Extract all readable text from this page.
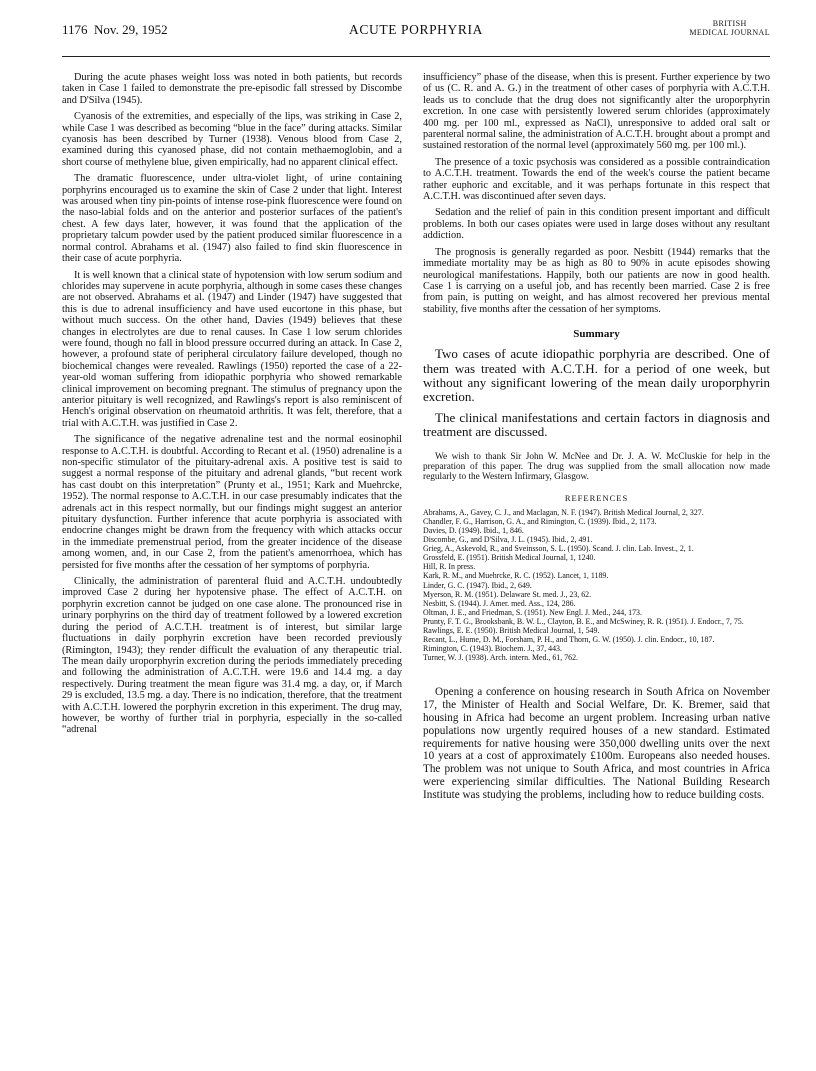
1176 Nov. 29, 1952	ACUTE PORPHYRIA	BRITISH
MEDICAL JOURNAL

During the acute phases weight loss was noted in both patients, but records taken in Case 1 failed to demonstrate the pre-episodic fall stressed by Discombe and D'Silva (1945).

Cyanosis of the extremities, and especially of the lips, was striking in Case 2, while Case 1 was described as becoming “blue in the face” during attacks. Similar cyanosis has been described by Turner (1938). Venous blood from Case 2, examined during this cyanosed phase, did not contain methaemoglobin, and a short course of methylene blue, given empirically, had no apparent clinical effect.

The dramatic fluorescence, under ultra-violet light, of urine containing porphyrins encouraged us to examine the skin of Case 2 under that light. Interest was aroused when tiny pin-points of intense rose-pink fluorescence were found on the naso-labial folds and on the anterior and posterior surfaces of the patient's chest. A few days later, however, it was found that the application of the proprietary talcum powder used by the patient produced similar fluorescence in a normal control. Abrahams et al. (1947) also failed to find skin fluorescence in their case of acute porphyria.

It is well known that a clinical state of hypotension with low serum sodium and chlorides may supervene in acute porphyria, although in some cases these changes are not observed. Abrahams et al. (1947) and Linder (1947) have suggested that this is due to adrenal insufficiency and have used eucortone in this phase, but without much success. On the other hand, Davies (1949) believes that these changes in electrolytes are due to renal causes. In Case 1 low serum chlorides were found, though no fall in blood pressure occurred during an attack. In Case 2, however, a profound state of peripheral circulatory failure developed, though no biochemical changes were revealed. Rawlings (1950) reported the case of a 22-year-old woman suffering from idiopathic porphyria who showed remarkable clinical improvement on becoming pregnant. The stimulus of pregnancy upon the anterior pituitary is well recognized, and Rawlings's report is also reminiscent of Hench's original observation on rheumatoid arthritis. It was felt, therefore, that a trial with A.C.T.H. was justified in Case 2.

The significance of the negative adrenaline test and the normal eosinophil response to A.C.T.H. is doubtful. According to Recant et al. (1950) adrenaline is a non-specific stimulator of the pituitary-adrenal axis. A positive test is said to suggest a normal response of the pituitary and adrenal glands, “but recent work has cast doubt on this interpretation” (Prunty et al., 1951; Kark and Muehrcke, 1952). The normal response to A.C.T.H. in our case presumably indicates that the adrenals act in this respect normally, but our findings might suggest an anterior pituitary dysfunction. Further inference that acute porphyria is associated with endocrine changes might be drawn from the frequency with which attacks occur in the immediate premenstrual period, from the greater incidence of the disease among women, and, in our Case 2, from the patient's amenorrhoea, which has persisted for five months after the cessation of her symptoms of porphyria.

Clinically, the administration of parenteral fluid and A.C.T.H. undoubtedly improved Case 2 during her hypotensive phase. The effect of A.C.T.H. on porphyrin excretion cannot be judged on one case alone. The pronounced rise in urinary porphyrins on the third day of treatment followed by a lowered excretion during the period of A.C.T.H. treatment is of interest, but similar large fluctuations in daily porphyrin excretion have been recorded previously (Rimington, 1943); they render difficult the evaluation of any therapeutic trial. The mean daily uroporphyrin excretion during the periods immediately preceding and following the administration of A.C.T.H. were 19.6 and 14.4 mg. a day respectively. During treatment the mean figure was 31.4 mg. a day, or, if March 29 is excluded, 13.5 mg. a day. There is no indication, therefore, that the treatment with A.C.T.H. lowered the porphyrin excretion in this experiment. The drug may, however, be worthy of further trial in porphyria, especially in the so-called “adrenal

insufficiency” phase of the disease, when this is present. Further experience by two of us (C. R. and A. G.) in the treatment of other cases of porphyria with A.C.T.H. leads us to conclude that the drug does not significantly alter the uroporphyrin excretion. In one case with persistently lowered serum chlorides (approximately 400 mg. per 100 ml., expressed as NaCl), unresponsive to added oral salt or parenteral normal saline, the administration of A.C.T.H. brought about a prompt and sustained restoration of the normal level (approximately 560 mg. per 100 ml.).

The presence of a toxic psychosis was considered as a possible contraindication to A.C.T.H. treatment. Towards the end of the week's course the patient became rather euphoric and excitable, and it was perhaps fortunate in this respect that A.C.T.H. was discontinued after seven days.

Sedation and the relief of pain in this condition present important and difficult problems. In both our cases opiates were used in large doses without any resultant addiction.

The prognosis is generally regarded as poor. Nesbitt (1944) remarks that the immediate mortality may be as high as 80 to 90% in acute episodes showing neurological manifestations. Happily, both our patients are now in good health. Case 1 is carrying on a useful job, and has recently been married. Case 2 is free from pain, is putting on weight, and has almost recovered her previous mental stability, five months after the cessation of her symptoms.

Summary

Two cases of acute idiopathic porphyria are described. One of them was treated with A.C.T.H. for a period of one week, but without any significant lowering of the mean daily uroporphyrin excretion.

The clinical manifestations and certain factors in diagnosis and treatment are discussed.

We wish to thank Sir John W. McNee and Dr. J. A. W. McCluskie for help in the preparation of this paper. The drug was supplied from the small allocation now made regularly to the Western Infirmary, Glasgow.

REFERENCES
Abrahams, A., Gavey, C. J., and Maclagan, N. F. (1947). British Medical Journal, 2, 327.
Chandler, F. G., Harrison, G. A., and Rimington, C. (1939). Ibid., 2, 1173.
Davies, D. (1949). Ibid., 1, 846.
Discombe, G., and D'Silva, J. L. (1945). Ibid., 2, 491.
Grieg, A., Askevold, R., and Sveinsson, S. L. (1950). Scand. J. clin. Lab. Invest., 2, 1.
Grossfeld, E. (1951). British Medical Journal, 1, 1240.
Hill, R. In press.
Kark, R. M., and Muehrcke, R. C. (1952). Lancet, 1, 1189.
Linder, G. C. (1947). Ibid., 2, 649.
Myerson, R. M. (1951). Delaware St. med. J., 23, 62.
Nesbitt, S. (1944). J. Amer. med. Ass., 124, 286.
Oltman, J. E., and Friedman, S. (1951). New Engl. J. Med., 244, 173.
Prunty, F. T. G., Brooksbank, B. W. L., Clayton, B. E., and McSwiney, R. R. (1951). J. Endocr., 7, 75.
Rawlings, E. E. (1950). British Medical Journal, 1, 549.
Recant, L., Hume, D. M., Forsham, P. H., and Thorn, G. W. (1950). J. clin. Endocr., 10, 187.
Rimington, C. (1943). Biochem. J., 37, 443.
Turner, W. J. (1938). Arch. intern. Med., 61, 762.

Opening a conference on housing research in South Africa on November 17, the Minister of Health and Social Welfare, Dr. K. Bremer, said that housing in Africa had become an urgent problem. Increasing urban native populations now urgently required houses of a new standard. Estimated requirements for native housing were 350,000 dwelling units over the next 10 years at a cost of approximately £100m. Europeans also needed houses. The problem was not unique to South Africa, and most countries in Africa were experiencing similar difficulties. The National Building Research Institute was studying the problems, including how to reduce building costs.
